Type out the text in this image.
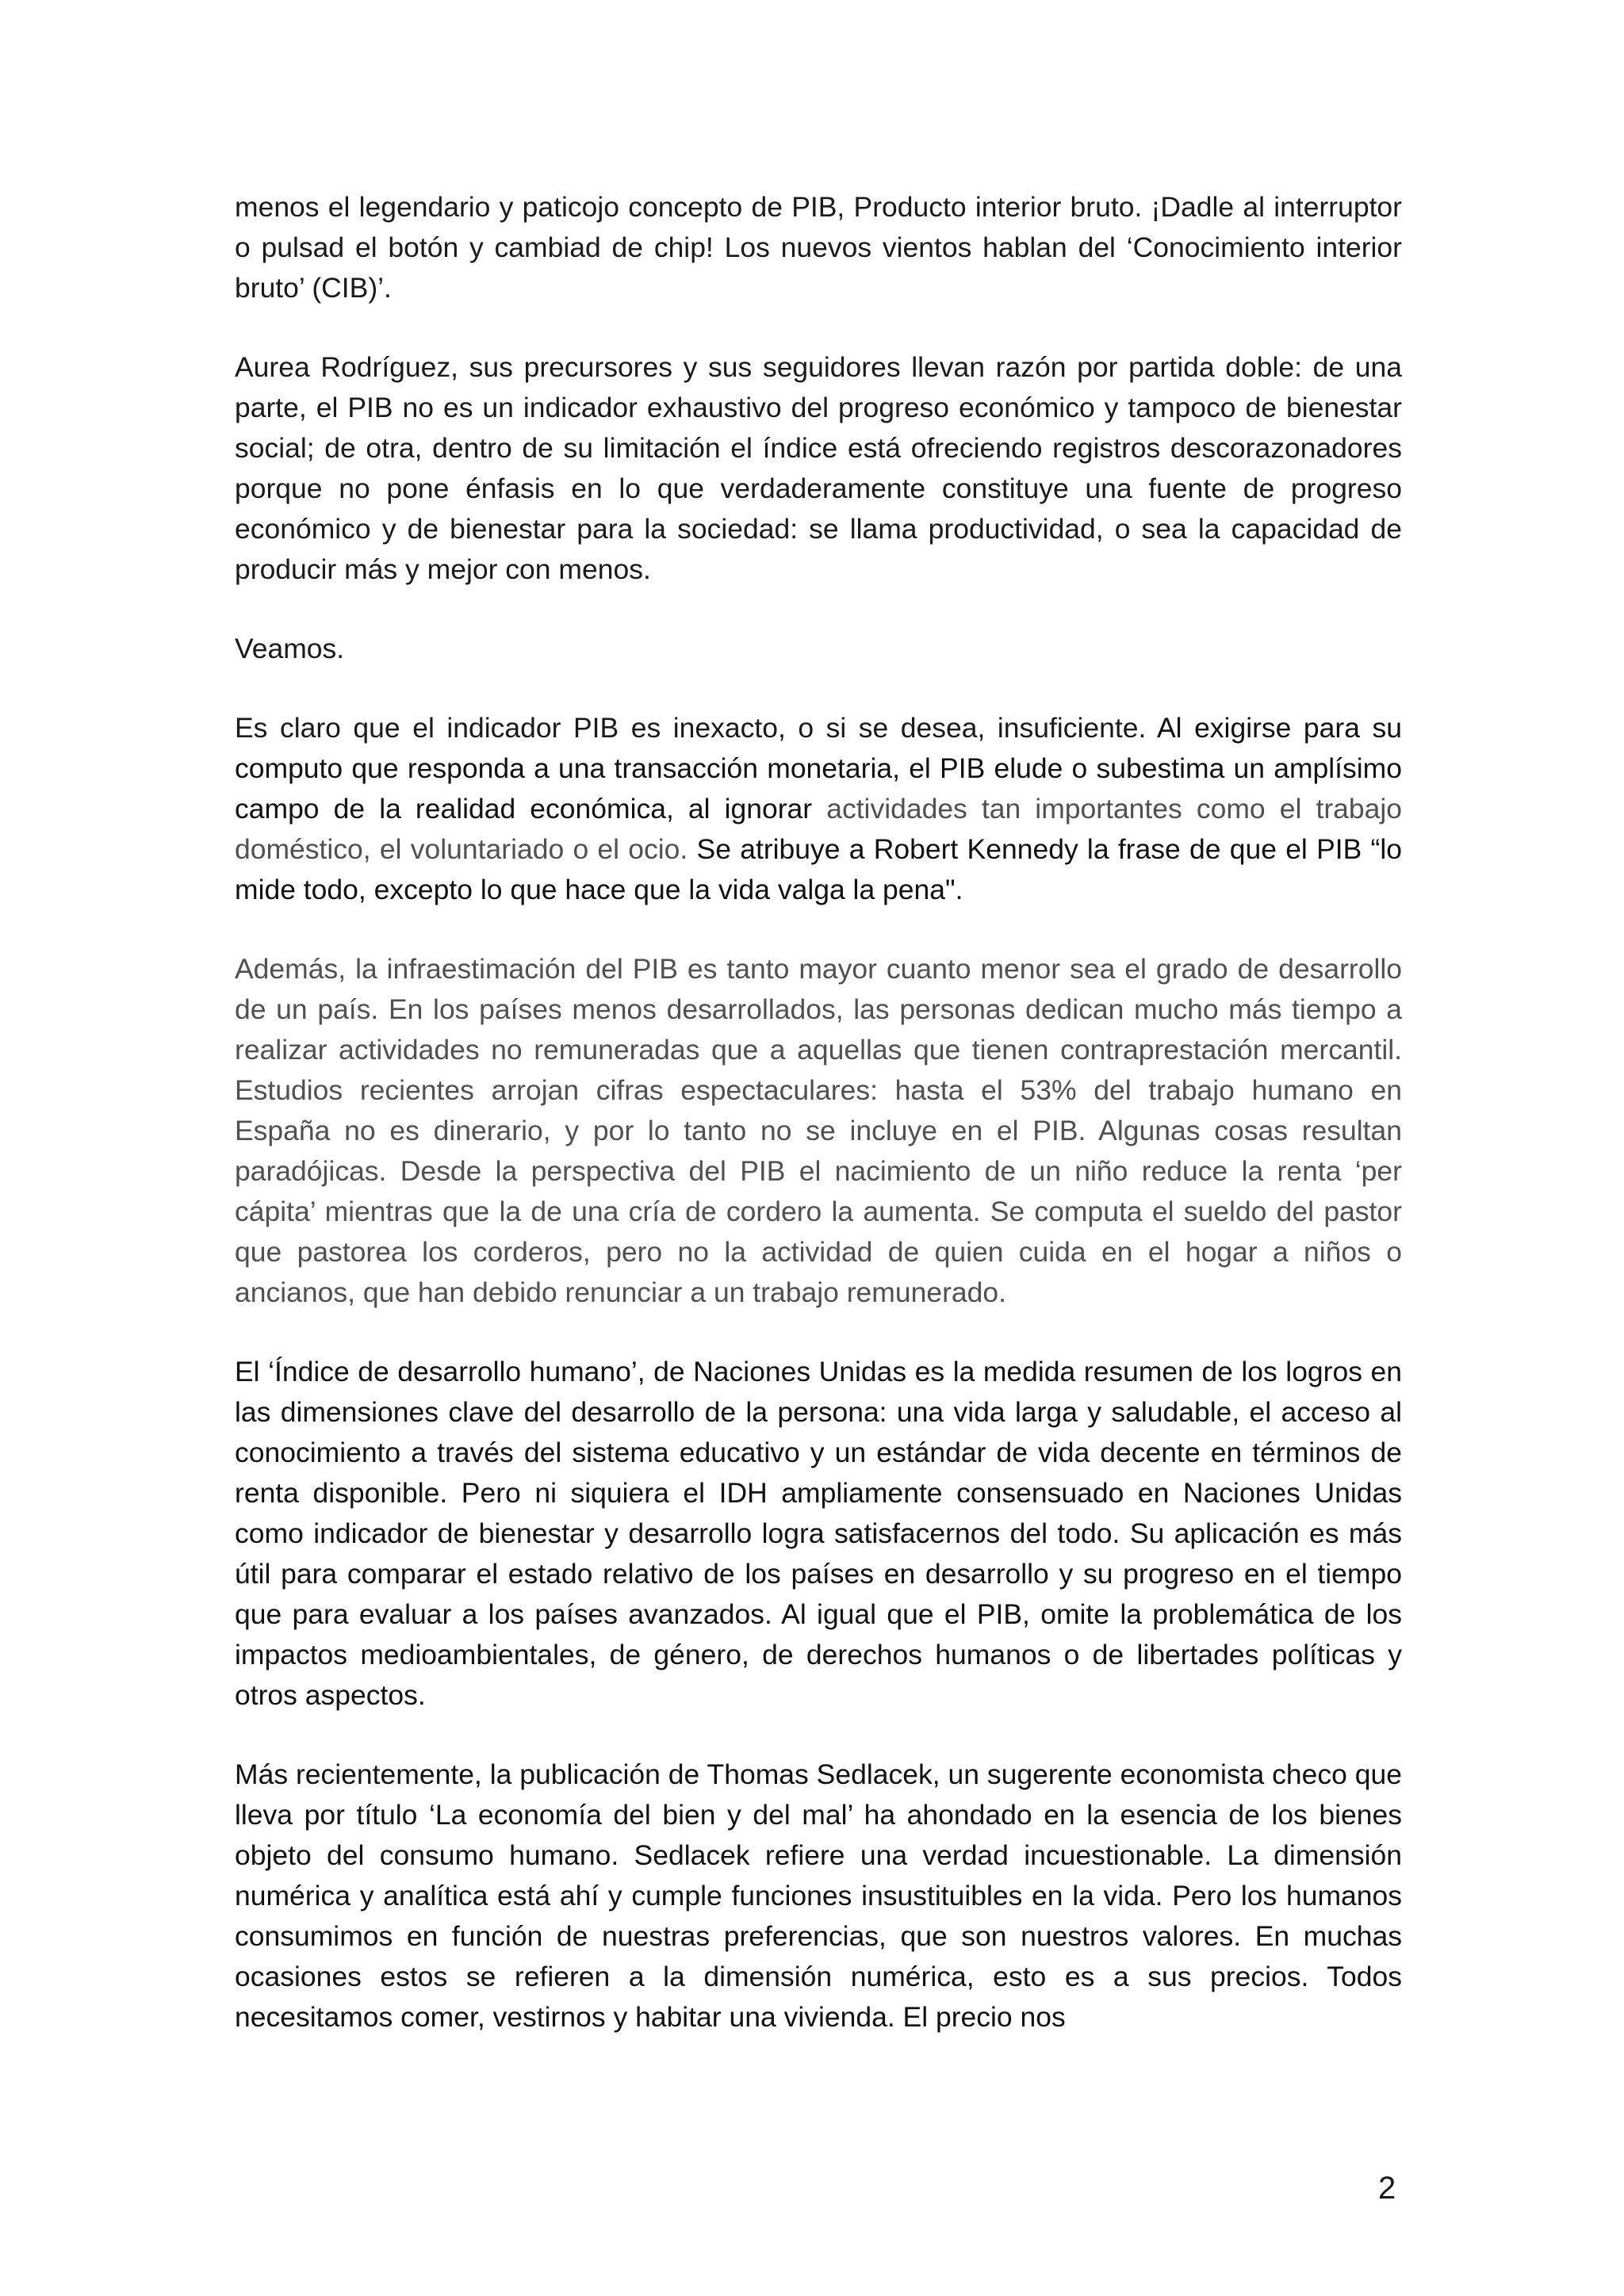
menos el legendario y paticojo concepto de PIB, Producto interior bruto. ¡Dadle al interruptor o pulsad el botón y cambiad de chip! Los nuevos vientos hablan del ‘Conocimiento interior bruto’ (CIB)’.

Aurea Rodríguez, sus precursores y sus seguidores llevan razón por partida doble: de una parte, el PIB no es un indicador exhaustivo del progreso económico y tampoco de bienestar social; de otra, dentro de su limitación el índice está ofreciendo registros descorazonadores porque no pone énfasis en lo que verdaderamente constituye una fuente de progreso económico y de bienestar para la sociedad: se llama productividad, o sea la capacidad de producir más y mejor con menos.

Veamos.

Es claro que el indicador PIB es inexacto, o si se desea, insuficiente. Al exigirse para su computo que responda a una transacción monetaria, el PIB elude o subestima un amplísimo campo de la realidad económica, al ignorar actividades tan importantes como el trabajo doméstico, el voluntariado o el ocio. Se atribuye a Robert Kennedy la frase de que el PIB “lo mide todo, excepto lo que hace que la vida valga la pena".

Además, la infraestimación del PIB es tanto mayor cuanto menor sea el grado de desarrollo de un país. En los países menos desarrollados, las personas dedican mucho más tiempo a realizar actividades no remuneradas que a aquellas que tienen contraprestación mercantil. Estudios recientes arrojan cifras espectaculares: hasta el 53% del trabajo humano en España no es dinerario, y por lo tanto no se incluye en el PIB. Algunas cosas resultan paradójicas. Desde la perspectiva del PIB el nacimiento de un niño reduce la renta ‘per cápita’ mientras que la de una cría de cordero la aumenta. Se computa el sueldo del pastor que pastorea los corderos, pero no la actividad de quien cuida en el hogar a niños o ancianos, que han debido renunciar a un trabajo remunerado.

El ‘Índice de desarrollo humano’, de Naciones Unidas es la medida resumen de los logros en las dimensiones clave del desarrollo de la persona: una vida larga y saludable, el acceso al conocimiento a través del sistema educativo y un estándar de vida decente en términos de renta disponible. Pero ni siquiera el IDH ampliamente consensuado en Naciones Unidas como indicador de bienestar y desarrollo logra satisfacernos del todo. Su aplicación es más útil para comparar el estado relativo de los países en desarrollo y su progreso en el tiempo que para evaluar a los países avanzados. Al igual que el PIB, omite la problemática de los impactos medioambientales, de género, de derechos humanos o de libertades políticas y otros aspectos.

Más recientemente, la publicación de Thomas Sedlacek, un sugerente economista checo que lleva por título ‘La economía del bien y del mal’ ha ahondado en la esencia de los bienes objeto del consumo humano. Sedlacek refiere una verdad incuestionable. La dimensión numérica y analítica está ahí y cumple funciones insustituibles en la vida. Pero los humanos consumimos en función de nuestras preferencias, que son nuestros valores. En muchas ocasiones estos se refieren a la dimensión numérica, esto es a sus precios. Todos necesitamos comer, vestirnos y habitar una vivienda. El precio nos

2
